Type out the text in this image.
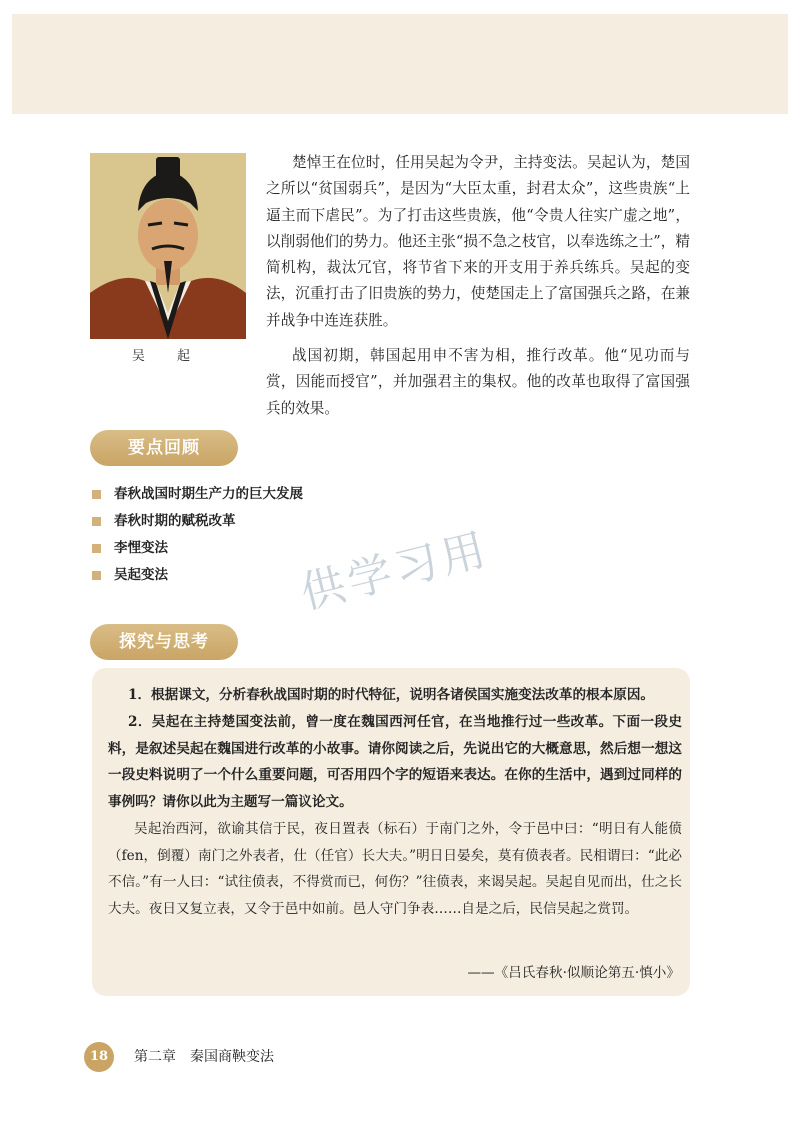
吴 起

楚悼王在位时，任用吴起为令尹，主持变法。吴起认为，楚国之所以“贫国弱兵”，是因为“大臣太重，封君太众”，这些贵族“上逼主而下虐民”。为了打击这些贵族，他“令贵人往实广虚之地”，以削弱他们的势力。他还主张“损不急之枝官，以奉选练之士”，精简机构，裁汰冗官，将节省下来的开支用于养兵练兵。吴起的变法，沉重打击了旧贵族的势力，使楚国走上了富国强兵之路，在兼并战争中连连获胜。

战国初期，韩国起用申不害为相，推行改革。他“见功而与赏，因能而授官”，并加强君主的集权。他的改革也取得了富国强兵的效果。

要点回顾
春秋战国时期生产力的巨大发展
春秋时期的赋税改革
李悝变法
吴起变法	供学习用
探究与思考

1．根据课文，分析春秋战国时期的时代特征，说明各诸侯国实施变法改革的根本原因。

2．吴起在主持楚国变法前，曾一度在魏国西河任官，在当地推行过一些改革。下面一段史料，是叙述吴起在魏国进行改革的小故事。请你阅读之后，先说出它的大概意思，然后想一想这一段史料说明了一个什么重要问题，可否用四个字的短语来表达。在你的生活中，遇到过同样的事例吗？请你以此为主题写一篇议论文。

吴起治西河，欲谕其信于民，夜日置表（标石）于南门之外，令于邑中曰：“明日有人能偾（fen，倒覆）南门之外表者，仕（任官）长大夫。”明日日晏矣，莫有偾表者。民相谓曰：“此必不信。”有一人曰：“试往偾表，不得赏而已，何伤？”往偾表，来谒吴起。吴起自见而出，仕之长大夫。夜日又复立表，又令于邑中如前。邑人守门争表……自是之后，民信吴起之赏罚。

——《吕氏春秋·似顺论第五·慎小》
18	第二章　秦国商鞅变法
